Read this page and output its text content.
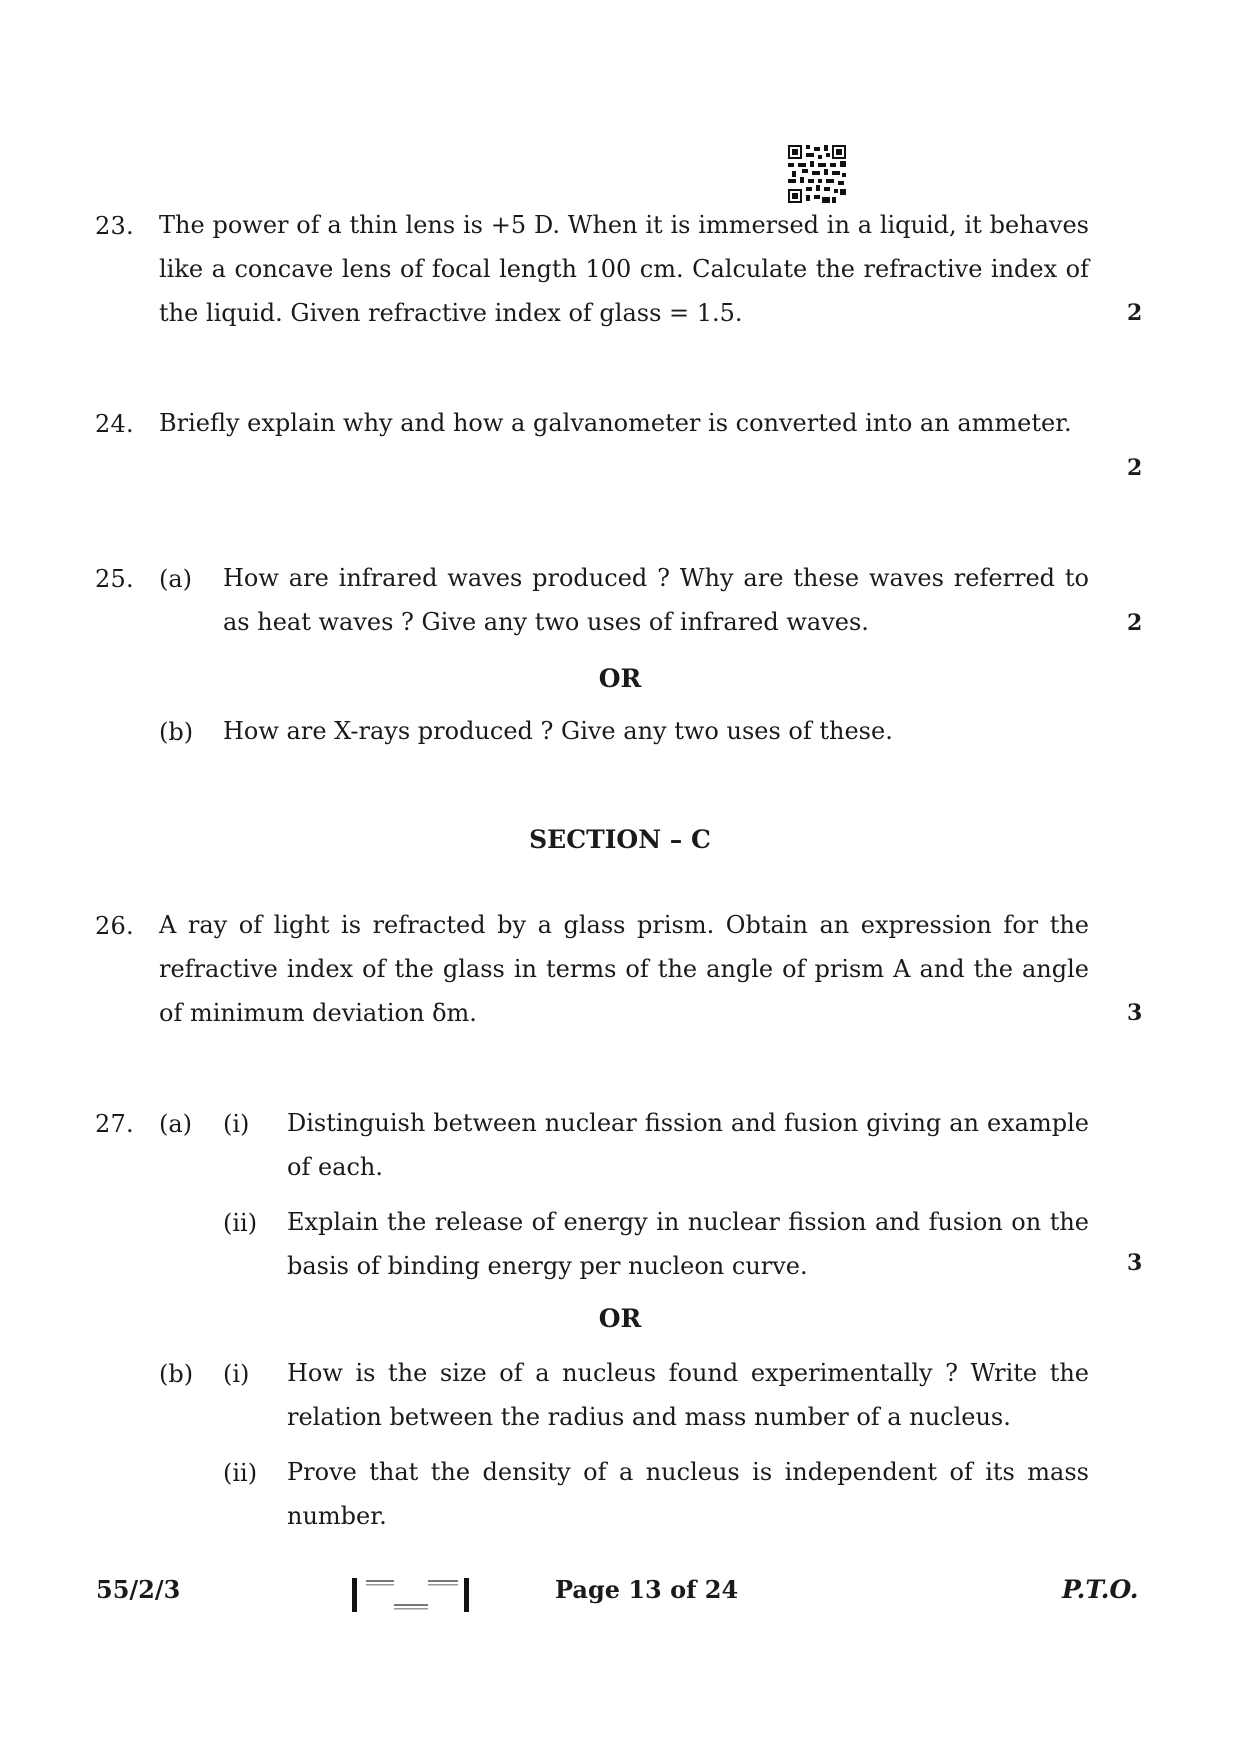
23. The power of a thin lens is +5 D. When it is immersed in a liquid, it behaves like a concave lens of focal length 100 cm. Calculate the refractive index of the liquid. Given refractive index of glass = 1.5.	2
24. Briefly explain why and how a galvanometer is converted into an ammeter.
2
25. (a) How are infrared waves produced ? Why are these waves referred to as heat waves ? Give any two uses of infrared waves.	2
OR
(b) How are X-rays produced ? Give any two uses of these.
SECTION – C
26. A ray of light is refracted by a glass prism. Obtain an expression for the refractive index of the glass in terms of the angle of prism A and the angle of minimum deviation δm.	3
27. (a) (i) Distinguish between nuclear fission and fusion giving an example of each.
(ii) Explain the release of energy in nuclear fission and fusion on the basis of binding energy per nucleon curve.	3
OR
(b) (i) How is the size of a nucleus found experimentally ? Write the relation between the radius and mass number of a nucleus.
(ii) Prove that the density of a nucleus is independent of its mass number.
55/2/3	Page 13 of 24	P.T.O.
